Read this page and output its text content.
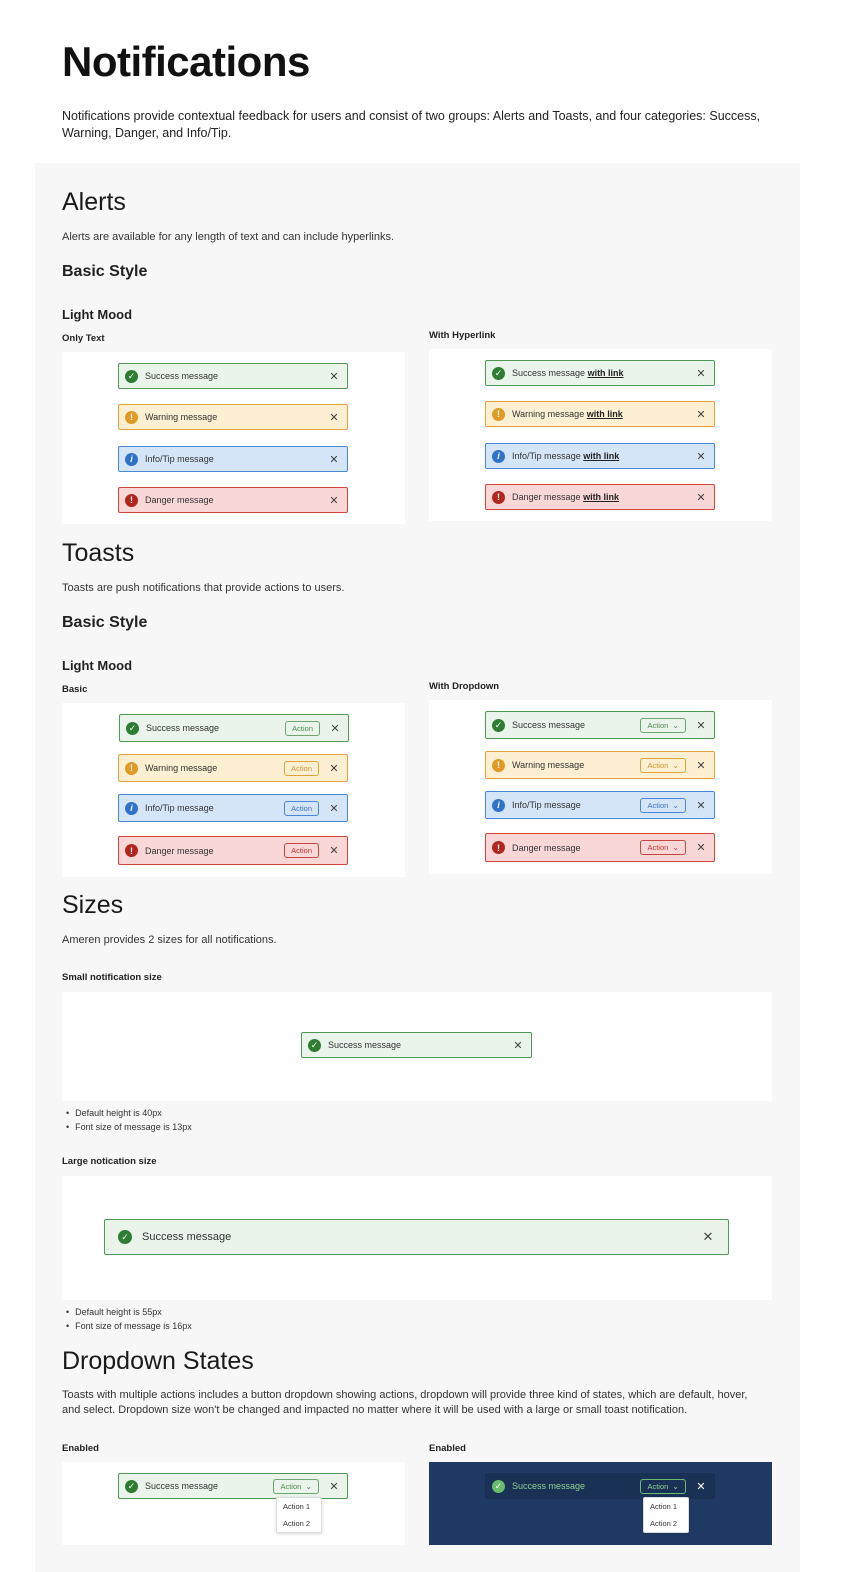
Notifications

Notifications provide contextual feedback for users and consist of two groups: Alerts and Toasts, and four categories: Success, Warning, Danger, and Info/Tip.

Alerts
Alerts are available for any length of text and can include hyperlinks.
Basic Style
Light Mood
Only Text	With Hyperlink
✓	Success message	✕
!	Warning message	✕
i	Info/Tip message	✕
!	Danger message	✕
✓	Success message with link	✕
!	Warning message with link	✕
i	Info/Tip message with link	✕
!	Danger message with link	✕
Toasts
Toasts are push notifications that provide actions to users.
Basic Style
Light Mood
Basic	With Dropdown
✓	Success message	Action	✕
!	Warning message	Action	✕
i	Info/Tip message	Action	✕
!	Danger message	Action	✕
✓	Success message	Action ⌄	✕
!	Warning message	Action ⌄	✕
i	Info/Tip message	Action ⌄	✕
!	Danger message	Action ⌄	✕
Sizes
Ameren provides 2 sizes for all notifications.
Small notification size
✓	Success message	✕
• Default height is 40px
• Font size of message is 13px
Large notication size
✓ Success message	✕
• Default height is 55px
• Font size of message is 16px
Dropdown States
Toasts with multiple actions includes a button dropdown showing actions, dropdown will provide three kind of states, which are default, hover, and select. Dropdown size won't be changed and impacted no matter where it will be used with a large or small toast notification.
Enabled	Enabled
✓	Success message	Action ⌄	✕
Action 1
Action 2
✓	Success message	Action ⌄	✕
Action 1
Action 2
